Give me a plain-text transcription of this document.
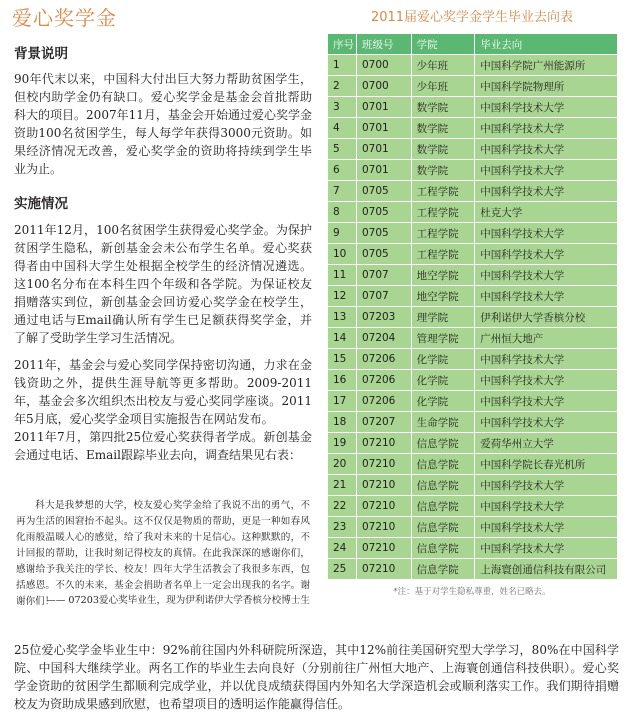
爱心奖学金
背景说明
90年代末以来，中国科大付出巨大努力帮助贫困学生，但校内助学金仍有缺口。爱心奖学金是基金会首批帮助科大的项目。2007年11月，基金会开始通过爱心奖学金资助100名贫困学生，每人每学年获得3000元资助。如果经济情况无改善，爱心奖学金的资助将持续到学生毕业为止。
实施情况
2011年12月，100名贫困学生获得爱心奖学金。为保护贫困学生隐私，新创基金会未公布学生名单。爱心奖获得者由中国科大学生处根据全校学生的经济情况遴选。这100名分布在本科生四个年级和各学院。为保证校友捐赠落实到位，新创基金会回访爱心奖学金在校学生，通过电话与Email确认所有学生已足额获得奖学金，并了解了受助学生学习生活情况。
2011年，基金会与爱心奖同学保持密切沟通，力求在金钱资助之外，提供生涯导航等更多帮助。2009-2011年，基金会多次组织杰出校友与爱心奖同学座谈。2011年5月底，爱心奖学金项目实施报告在网站发布。
2011年7月，第四批25位爱心奖获得者学成。新创基金会通过电话、Email跟踪毕业去向，调查结果见右表：
科大是我梦想的大学，校友爱心奖学金给了我说不出的勇气，不再为生活的困窘抬不起头。这不仅仅是物质的帮助，更是一种如春风化雨般温暖人心的感觉，给了我对未来的十足信心。这种默默的，不计回报的帮助，让我时刻记得校友的真情。在此我深深的感谢你们，感谢给予我关注的学长、校友！四年大学生活教会了我很多东西，包括感恩。不久的未来，基金会捐助者名单上一定会出现我的名字。谢谢你们！
—— 07203爱心奖毕业生，现为伊利诺伊大学香槟分校博士生
2011届爱心奖学金学生毕业去向表
序号	班级号	学院	毕业去向
1	0700	少年班	中国科学院广州能源所
2	0700	少年班	中国科学院物理所
3	0701	数学院	中国科学技术大学
4	0701	数学院	中国科学技术大学
5	0701	数学院	中国科学技术大学
6	0701	数学院	中国科学技术大学
7	0705	工程学院	中国科学技术大学
8	0705	工程学院	杜克大学
9	0705	工程学院	中国科学技术大学
10	0705	工程学院	中国科学技术大学
11	0707	地空学院	中国科学技术大学
12	0707	地空学院	中国科学技术大学
13	07203	理学院	伊利诺伊大学香槟分校
14	07204	管理学院	广州恒大地产
15	07206	化学院	中国科学技术大学
16	07206	化学院	中国科学技术大学
17	07206	化学院	中国科学技术大学
18	07207	生命学院	中国科学技术大学
19	07210	信息学院	爱荷华州立大学
20	07210	信息学院	中国科学院长春光机所
21	07210	信息学院	中国科学技术大学
22	07210	信息学院	中国科学技术大学
23	07210	信息学院	中国科学技术大学
24	07210	信息学院	中国科学技术大学
25	07210	信息学院	上海寰创通信科技有限公司
*注：基于对学生隐私尊重，姓名已略去。
25位爱心奖学金毕业生中：92%前往国内外科研院所深造，其中12%前往美国研究型大学学习，80%在中国科学院、中国科大继续学业。两名工作的毕业生去向良好（分别前往广州恒大地产、上海寰创通信科技供职）。爱心奖学金资助的贫困学生都顺利完成学业，并以优良成绩获得国内外知名大学深造机会或顺利落实工作。我们期待捐赠校友为资助成果感到欣慰，也希望项目的透明运作能赢得信任。
